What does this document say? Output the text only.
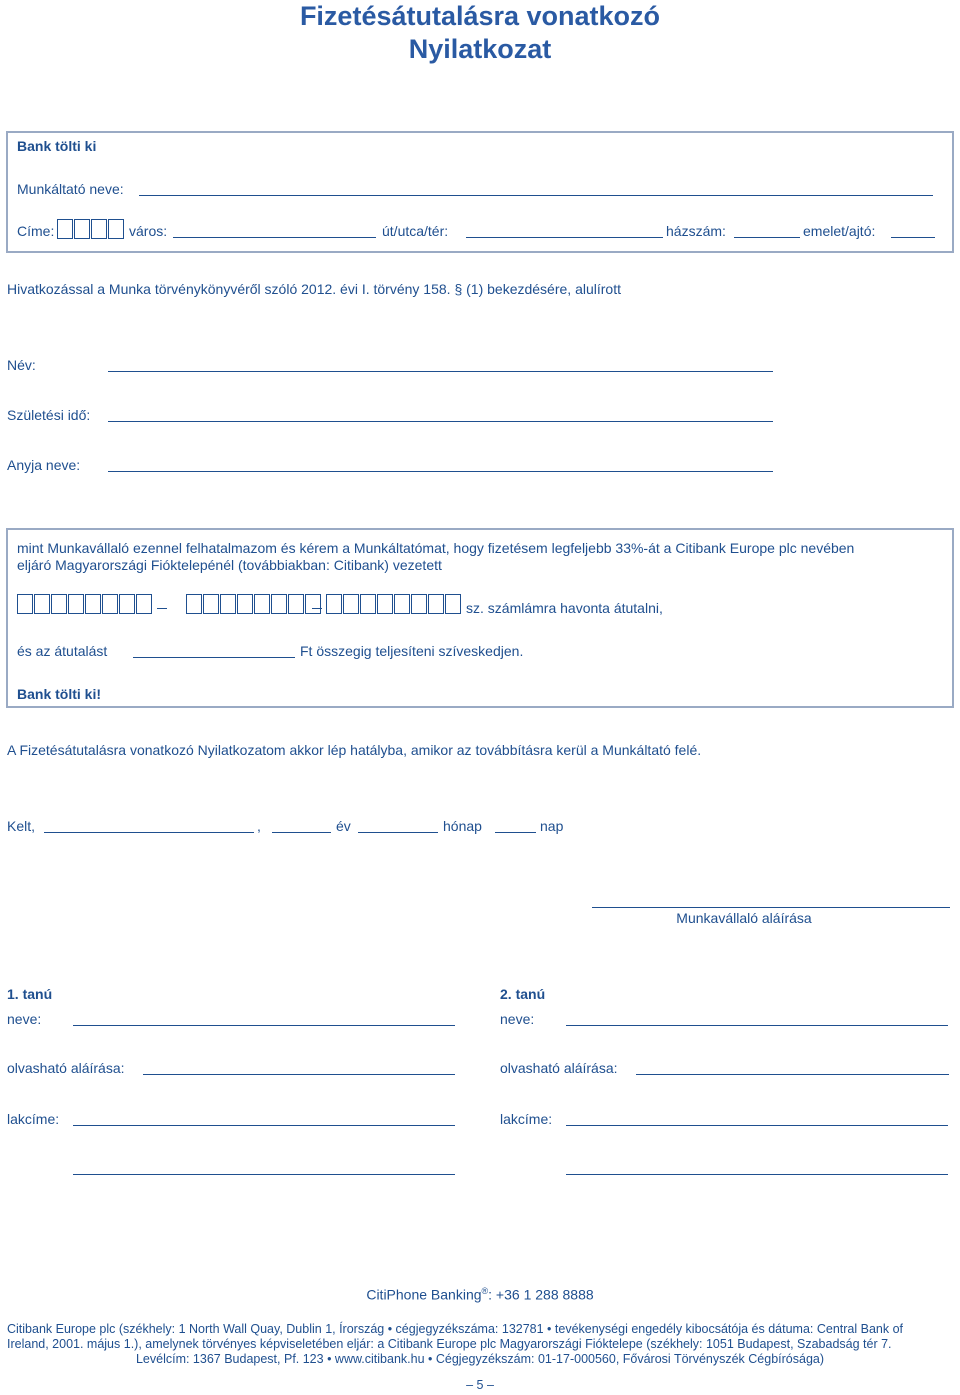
Fizetésátutalásra vonatkozó
Nyilatkozat
Bank tölti ki
Munkáltató neve:
Címe:	város:	út/utca/tér:	házszám:	emelet/ajtó:
Hivatkozással a Munka törvénykönyvéről szóló 2012. évi I. törvény 158. § (1) bekezdésére, alulírott
Név:
Születési idő:
Anyja neve:
mint Munkavállaló ezennel felhatalmazom és kérem a Munkáltatómat, hogy fizetésem legfeljebb 33%-át a Citibank Europe plc nevében
eljáró Magyarországi Fióktelepénél (továbbiakban: Citibank) vezetett
sz. számlámra havonta átutalni,
és az átutalást	Ft összegig teljesíteni szíveskedjen.
Bank tölti ki!
A Fizetésátutalásra vonatkozó Nyilatkozatom akkor lép hatályba, amikor az továbbításra kerül a Munkáltató felé.
Kelt,	,	év	hónap	nap
Munkavállaló aláírása
1. tanú
neve:
olvasható aláírása:
lakcíme:
2. tanú
neve:
olvasható aláírása:
lakcíme:
CitiPhone Banking®: +36 1 288 8888
Citibank Europe plc (székhely: 1 North Wall Quay, Dublin 1, Írország • cégjegyzékszáma: 132781 • tevékenységi engedély kibocsátója és dátuma: Central Bank of
Ireland, 2001. május 1.), amelynek törvényes képviseletében eljár: a Citibank Europe plc Magyarországi Fióktelepe (székhely: 1051 Budapest, Szabadság tér 7.
Levélcím: 1367 Budapest, Pf. 123 • www.citibank.hu • Cégjegyzékszám: 01-17-000560, Fővárosi Törvényszék Cégbírósága)
– 5 –
